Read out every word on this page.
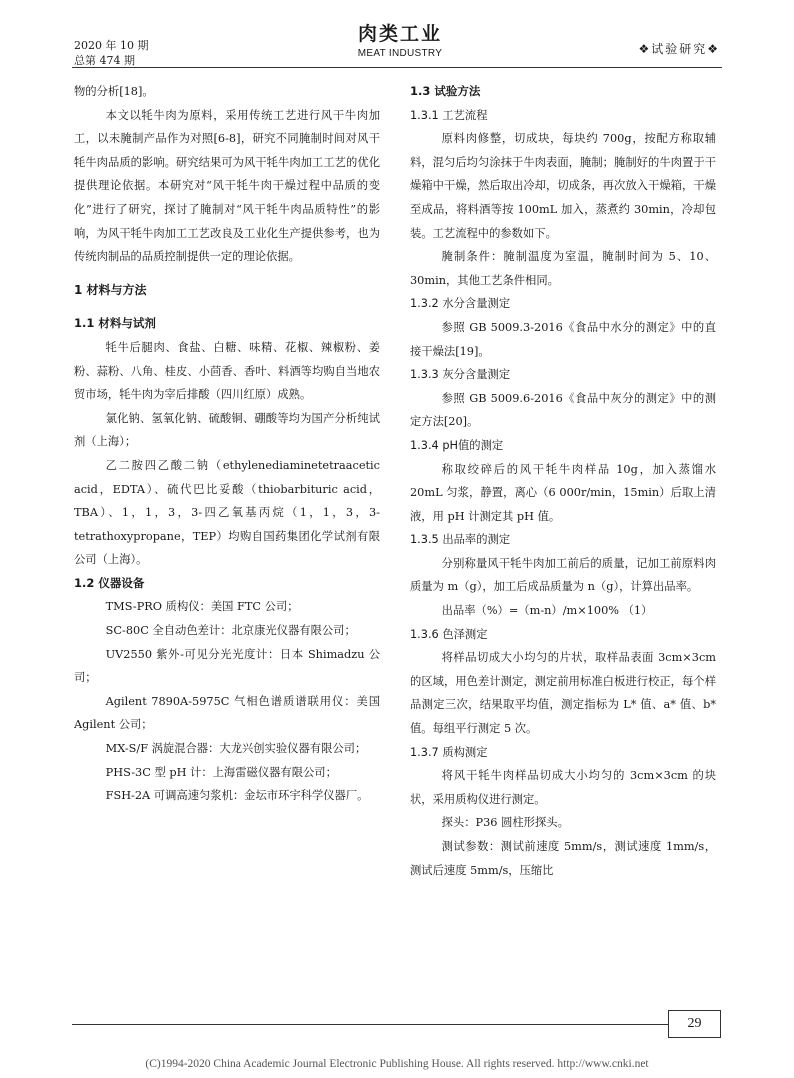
2020 年 10 期
总第 474 期
肉类工业
MEAT INDUSTRY	❖试验研究❖

物的分析[18]。

本文以牦牛肉为原料，采用传统工艺进行风干牛肉加工，以未腌制产品作为对照[6-8]，研究不同腌制时间对风干牦牛肉品质的影响。研究结果可为风干牦牛肉加工工艺的优化提供理论依据。本研究对“风干牦牛肉干燥过程中品质的变化”进行了研究，探讨了腌制对“风干牦牛肉品质特性”的影响，为风干牦牛肉加工工艺改良及工业化生产提供参考，也为传统肉制品的品质控制提供一定的理论依据。

1 材料与方法

1.1 材料与试剂

牦牛后腿肉、食盐、白糖、味精、花椒、辣椒粉、姜粉、蒜粉、八角、桂皮、小茴香、香叶、料酒等均购自当地农贸市场，牦牛肉为宰后排酸（四川红原）成熟。

氯化钠、氢氧化钠、硫酸铜、硼酸等均为国产分析纯试剂（上海）；

乙二胺四乙酸二钠（ethylenediaminetetraacetic acid，EDTA）、硫代巴比妥酸（thiobarbituric acid，TBA）、1，1，3，3-四乙氧基丙烷（1，1，3，3-tetrathoxypropane，TEP）均购自国药集团化学试剂有限公司（上海）。

1.2 仪器设备

TMS-PRO 质构仪：美国 FTC 公司；

SC-80C 全自动色差计：北京康光仪器有限公司；

UV2550 紫外-可见分光光度计：日本 Shimadzu 公司；

Agilent 7890A-5975C 气相色谱质谱联用仪：美国 Agilent 公司；

MX-S/F 涡旋混合器：大龙兴创实验仪器有限公司；

PHS-3C 型 pH 计：上海雷磁仪器有限公司；

FSH-2A 可调高速匀浆机：金坛市环宇科学仪器厂。

1.3 试验方法

1.3.1 工艺流程

原料肉修整，切成块，每块约 700g，按配方称取辅料，混匀后均匀涂抹于牛肉表面，腌制；腌制好的牛肉置于干燥箱中干燥，然后取出冷却，切成条，再次放入干燥箱，干燥至成品，将料酒等按 100mL 加入，蒸煮约 30min，冷却包装。工艺流程中的参数如下。

腌制条件：腌制温度为室温，腌制时间为 5、10、30min，其他工艺条件相同。

1.3.2 水分含量测定

参照 GB 5009.3-2016《食品中水分的测定》中的直接干燥法[19]。

1.3.3 灰分含量测定

参照 GB 5009.6-2016《食品中灰分的测定》中的测定方法[20]。

1.3.4 pH值的测定

称取绞碎后的风干牦牛肉样品 10g，加入蒸馏水 20mL 匀浆，静置，离心（6 000r/min，15min）后取上清液，用 pH 计测定其 pH 值。

1.3.5 出品率的测定

分别称量风干牦牛肉加工前后的质量，记加工前原料肉质量为 m（g），加工后成品质量为 n（g），计算出品率。

出品率（%）=（m-n）/m×100% （1）

1.3.6 色泽测定

将样品切成大小均匀的片状，取样品表面 3cm×3cm 的区域，用色差计测定，测定前用标准白板进行校正，每个样品测定三次，结果取平均值，测定指标为 L* 值、a* 值、b* 值。每组平行测定 5 次。

1.3.7 质构测定

将风干牦牛肉样品切成大小均匀的 3cm×3cm 的块状，采用质构仪进行测定。

探头：P36 圆柱形探头。

测试参数：测试前速度 5mm/s，测试速度 1mm/s，测试后速度 5mm/s，压缩比

29
(C)1994-2020 China Academic Journal Electronic Publishing House. All rights reserved. http://www.cnki.net
